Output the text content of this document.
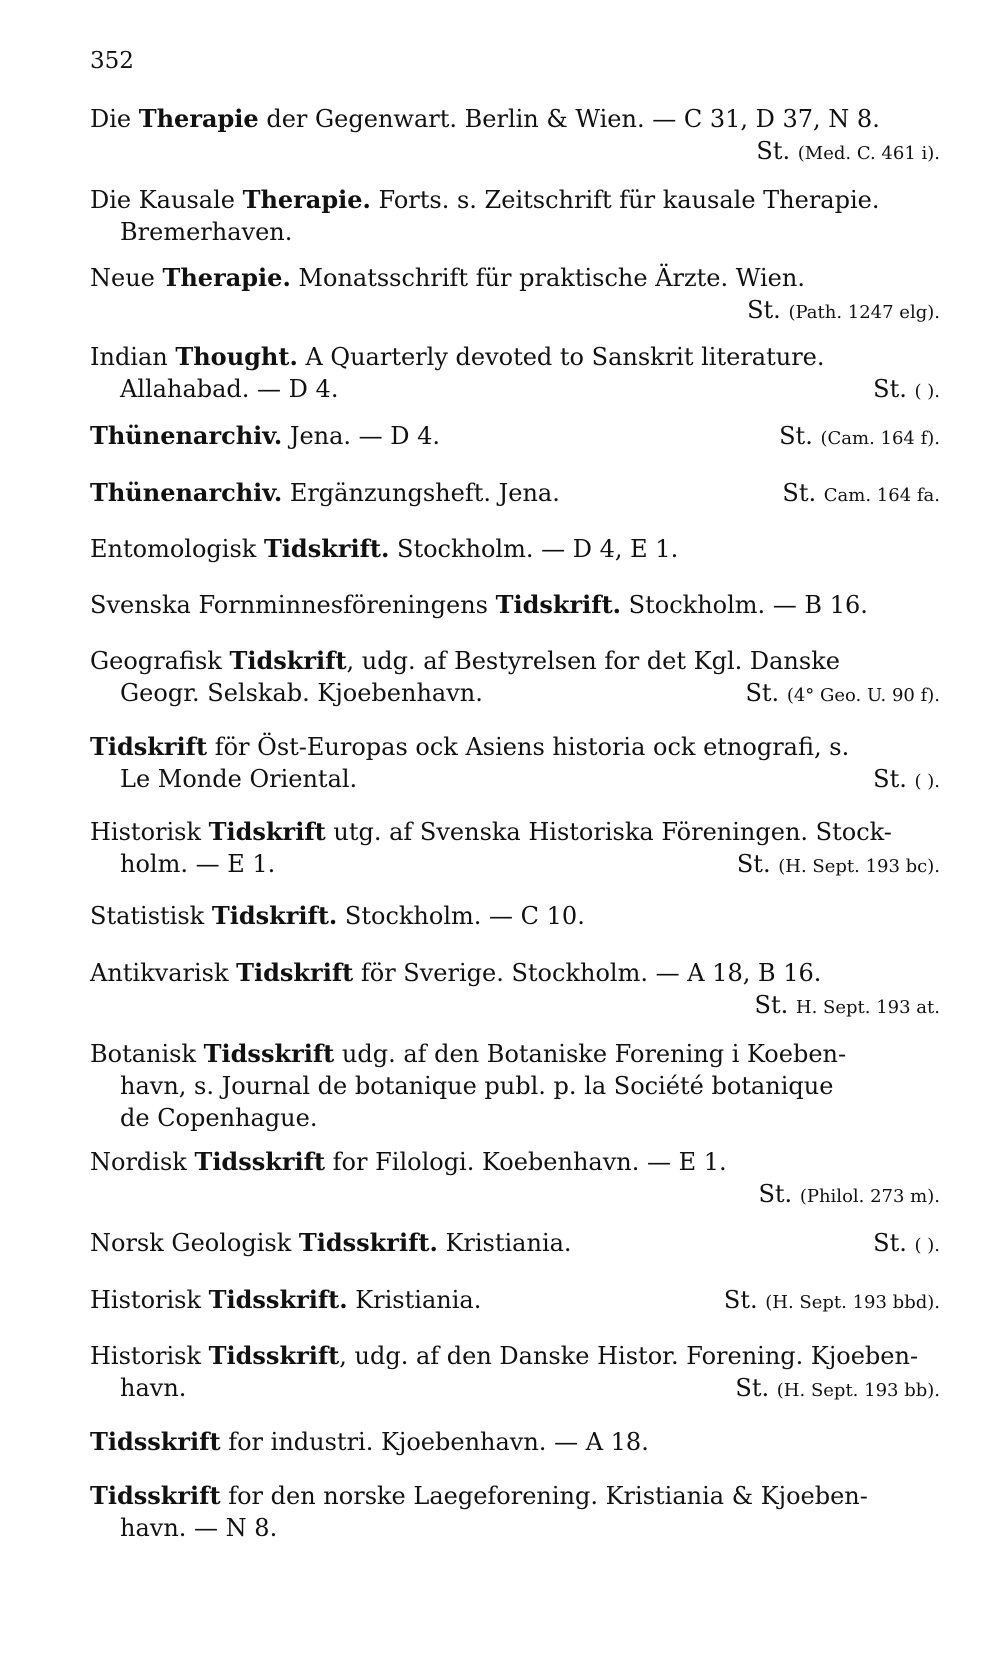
352
Die Therapie der Gegenwart. Berlin & Wien. — C 31, D 37, N 8.
St. (Med. C. 461 i).
Die Kausale Therapie. Forts. s. Zeitschrift für kausale Therapie.
Bremerhaven.
Neue Therapie. Monatsschrift für praktische Ärzte. Wien.
St. (Path. 1247 elg).
Indian Thought. A Quarterly devoted to Sanskrit literature.
Allahabad. — D 4.	St. ( ).
Thünenarchiv. Jena. — D 4.	St. (Cam. 164 f).
Thünenarchiv. Ergänzungsheft. Jena.	St. Cam. 164 fa.
Entomologisk Tidskrift. Stockholm. — D 4, E 1.
Svenska Fornminnesföreningens Tidskrift. Stockholm. — B 16.
Geografisk Tidskrift, udg. af Bestyrelsen for det Kgl. Danske
Geogr. Selskab. Kjoebenhavn.	St. (4° Geo. U. 90 f).
Tidskrift för Öst-Europas ock Asiens historia ock etnografi, s.
Le Monde Oriental.	St. ( ).
Historisk Tidskrift utg. af Svenska Historiska Föreningen. Stock-
holm. — E 1.	St. (H. Sept. 193 bc).
Statistisk Tidskrift. Stockholm. — C 10.
Antikvarisk Tidskrift för Sverige. Stockholm. — A 18, B 16.
St. H. Sept. 193 at.
Botanisk Tidsskrift udg. af den Botaniske Forening i Koeben-
havn, s. Journal de botanique publ. p. la Société botanique
de Copenhague.
Nordisk Tidsskrift for Filologi. Koebenhavn. — E 1.
St. (Philol. 273 m).
Norsk Geologisk Tidsskrift. Kristiania.	St. ( ).
Historisk Tidsskrift. Kristiania.	St. (H. Sept. 193 bbd).
Historisk Tidsskrift, udg. af den Danske Histor. Forening. Kjoeben-
havn.	St. (H. Sept. 193 bb).
Tidsskrift for industri. Kjoebenhavn. — A 18.
Tidsskrift for den norske Laegeforening. Kristiania & Kjoeben-
havn. — N 8.
